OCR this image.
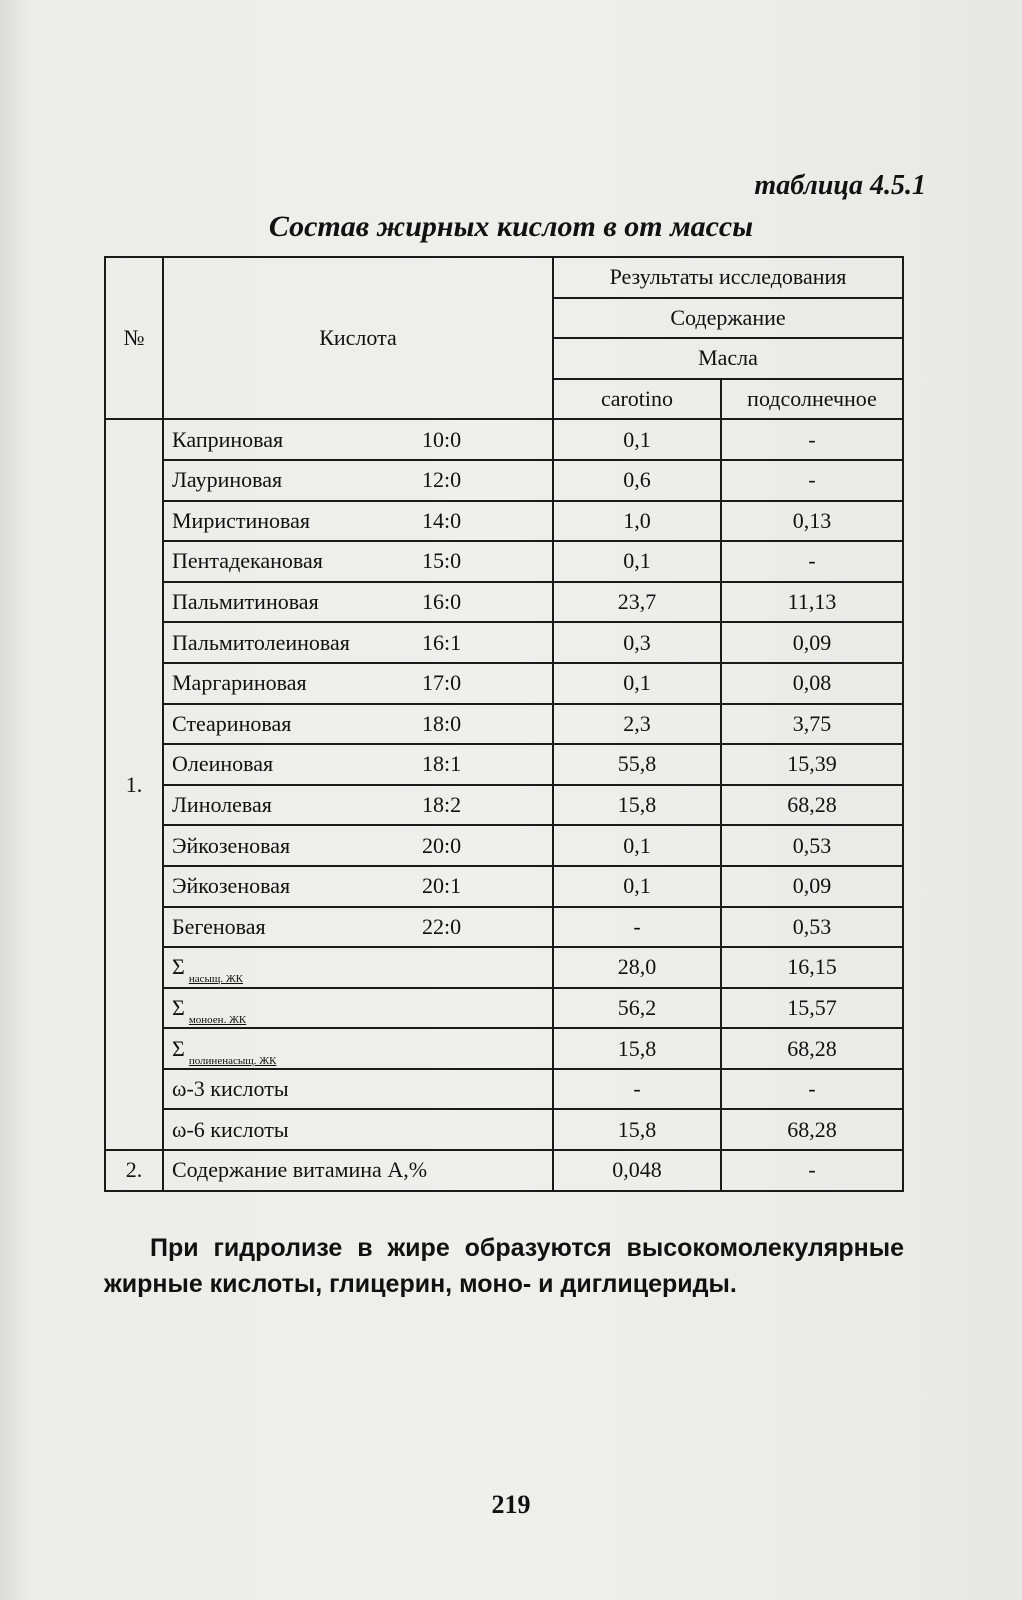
таблица 4.5.1
Состав жирных кислот в от массы
№	Кислота	Результаты исследования	
		Содержание	
		Масла	
		carotino	подсолнечное
1.	Каприновая 10:0	0,1	-
	Лауриновая 12:0	0,6	-
	Миристиновая 14:0	1,0	0,13
	Пентадекановая 15:0	0,1	-
	Пальмитиновая 16:0	23,7	11,13
	Пальмитолеиновая 16:1	0,3	0,09
	Маргариновая 17:0	0,1	0,08
	Стеариновая 18:0	2,3	3,75
	Олеиновая 18:1	55,8	15,39
	Линолевая 18:2	15,8	68,28
	Эйкозеновая 20:0	0,1	0,53
	Эйкозеновая 20:1	0,1	0,09
	Бегеновая 22:0	-	0,53
	Σ $_{насыщ. ЖК}$	28,0	16,15
	Σ $_{моноен. ЖК}$	56,2	15,57
	Σ $_{полиненасыщ. ЖК}$	15,8	68,28
	ω-3 кислоты	-	-
	ω-6 кислоты	15,8	68,28
2.	Содержание витамина А,%	0,048	-
При гидролизе в жире образуются высокомолекулярные жирные кислоты, глицерин, моно- и диглицериды.
219
